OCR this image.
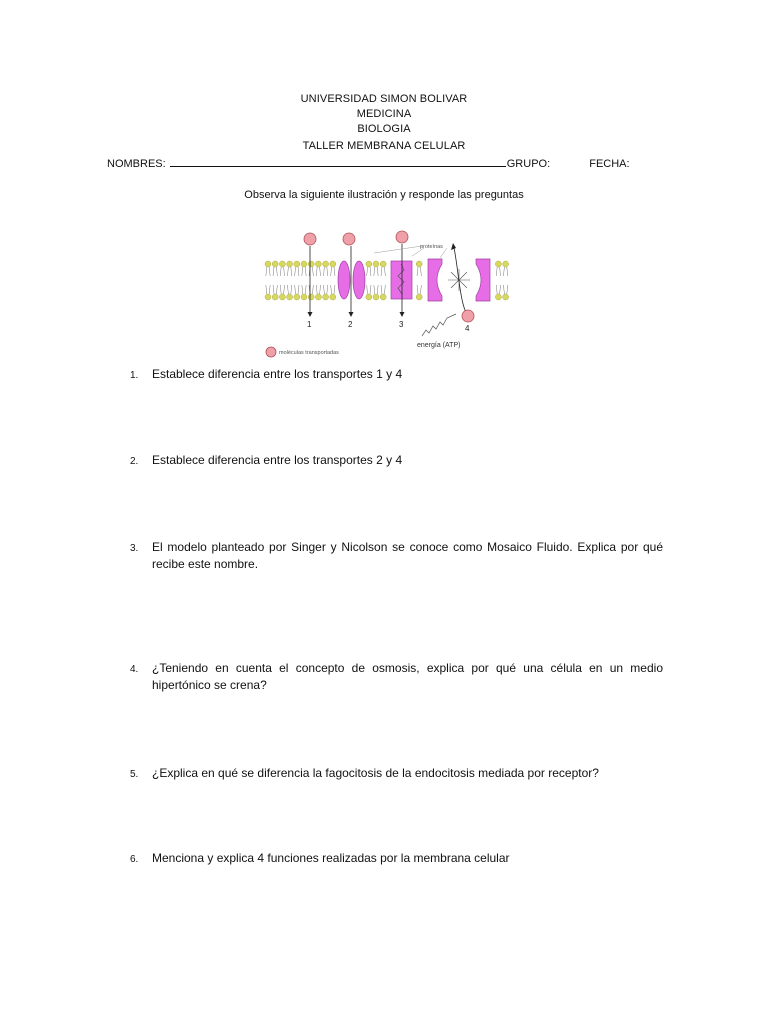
UNIVERSIDAD SIMON BOLIVAR
MEDICINA
BIOLOGIA
TALLER MEMBRANA CELULAR
NOMBRES:	GRUPO:	FECHA:
Observa la siguiente ilustración y responde las preguntas
proteínas
1	2	3	4
moléculas transportadas
energía (ATP)
1.	Establece diferencia entre los transportes 1 y 4
2.	Establece diferencia entre los transportes 2 y 4
3.	El modelo planteado por Singer y Nicolson se conoce como Mosaico Fluido. Explica por qué recibe este nombre.
4.	¿Teniendo en cuenta el concepto de osmosis, explica por qué una célula en un medio hipertónico se crena?
5.	¿Explica en qué se diferencia la fagocitosis de la endocitosis mediada por receptor?
6.	Menciona y explica 4 funciones realizadas por la membrana celular
